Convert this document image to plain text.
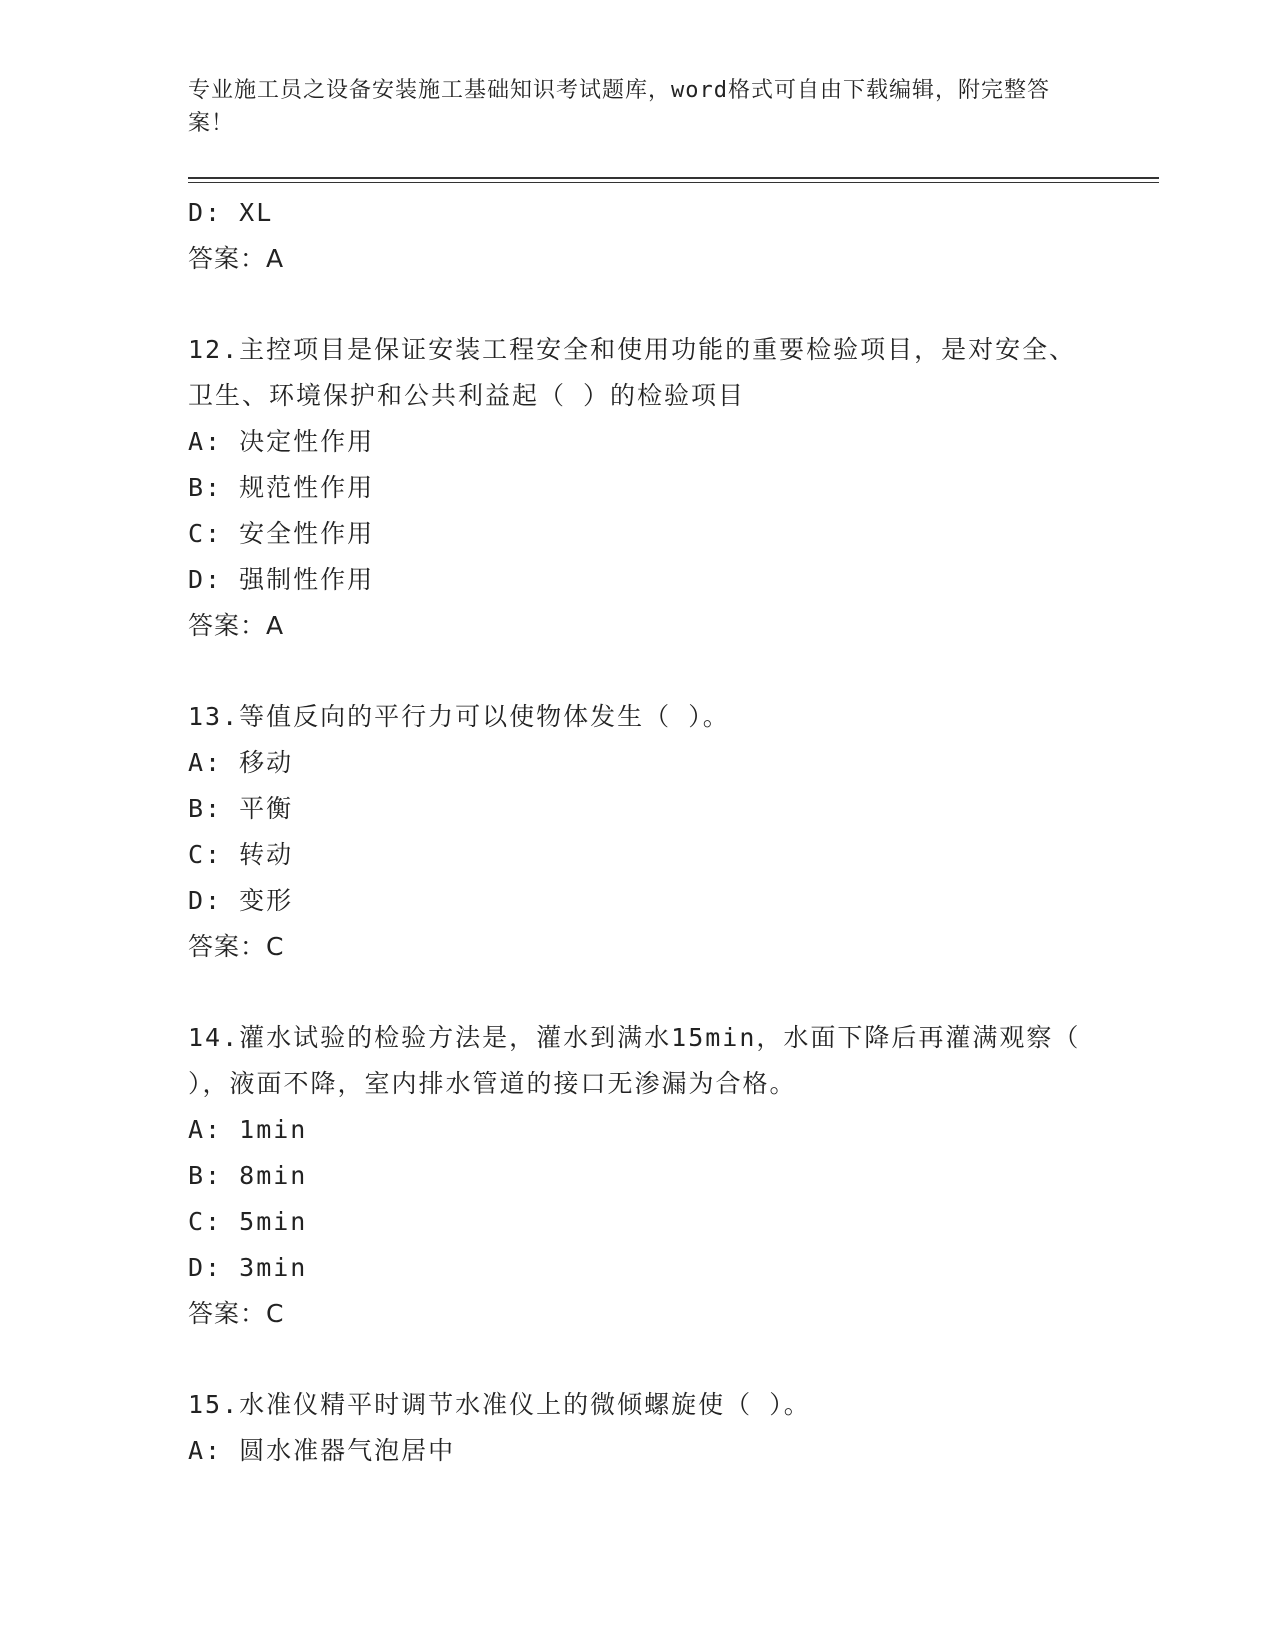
专业施工员之设备安装施工基础知识考试题库，word格式可自由下载编辑，附完整答案！
D: XL
答案：A
12.主控项目是保证安装工程安全和使用功能的重要检验项目，是对安全、卫生、环境保护和公共利益起（ ）的检验项目
A: 决定性作用
B: 规范性作用
C: 安全性作用
D: 强制性作用
答案：A
13.等值反向的平行力可以使物体发生（ ）。
A: 移动
B: 平衡
C: 转动
D: 变形
答案：C
14.灌水试验的检验方法是，灌水到满水15min，水面下降后再灌满观察（ ），液面不降，室内排水管道的接口无渗漏为合格。
A: 1min
B: 8min
C: 5min
D: 3min
答案：C
15.水准仪精平时调节水准仪上的微倾螺旋使（ ）。
A: 圆水准器气泡居中
